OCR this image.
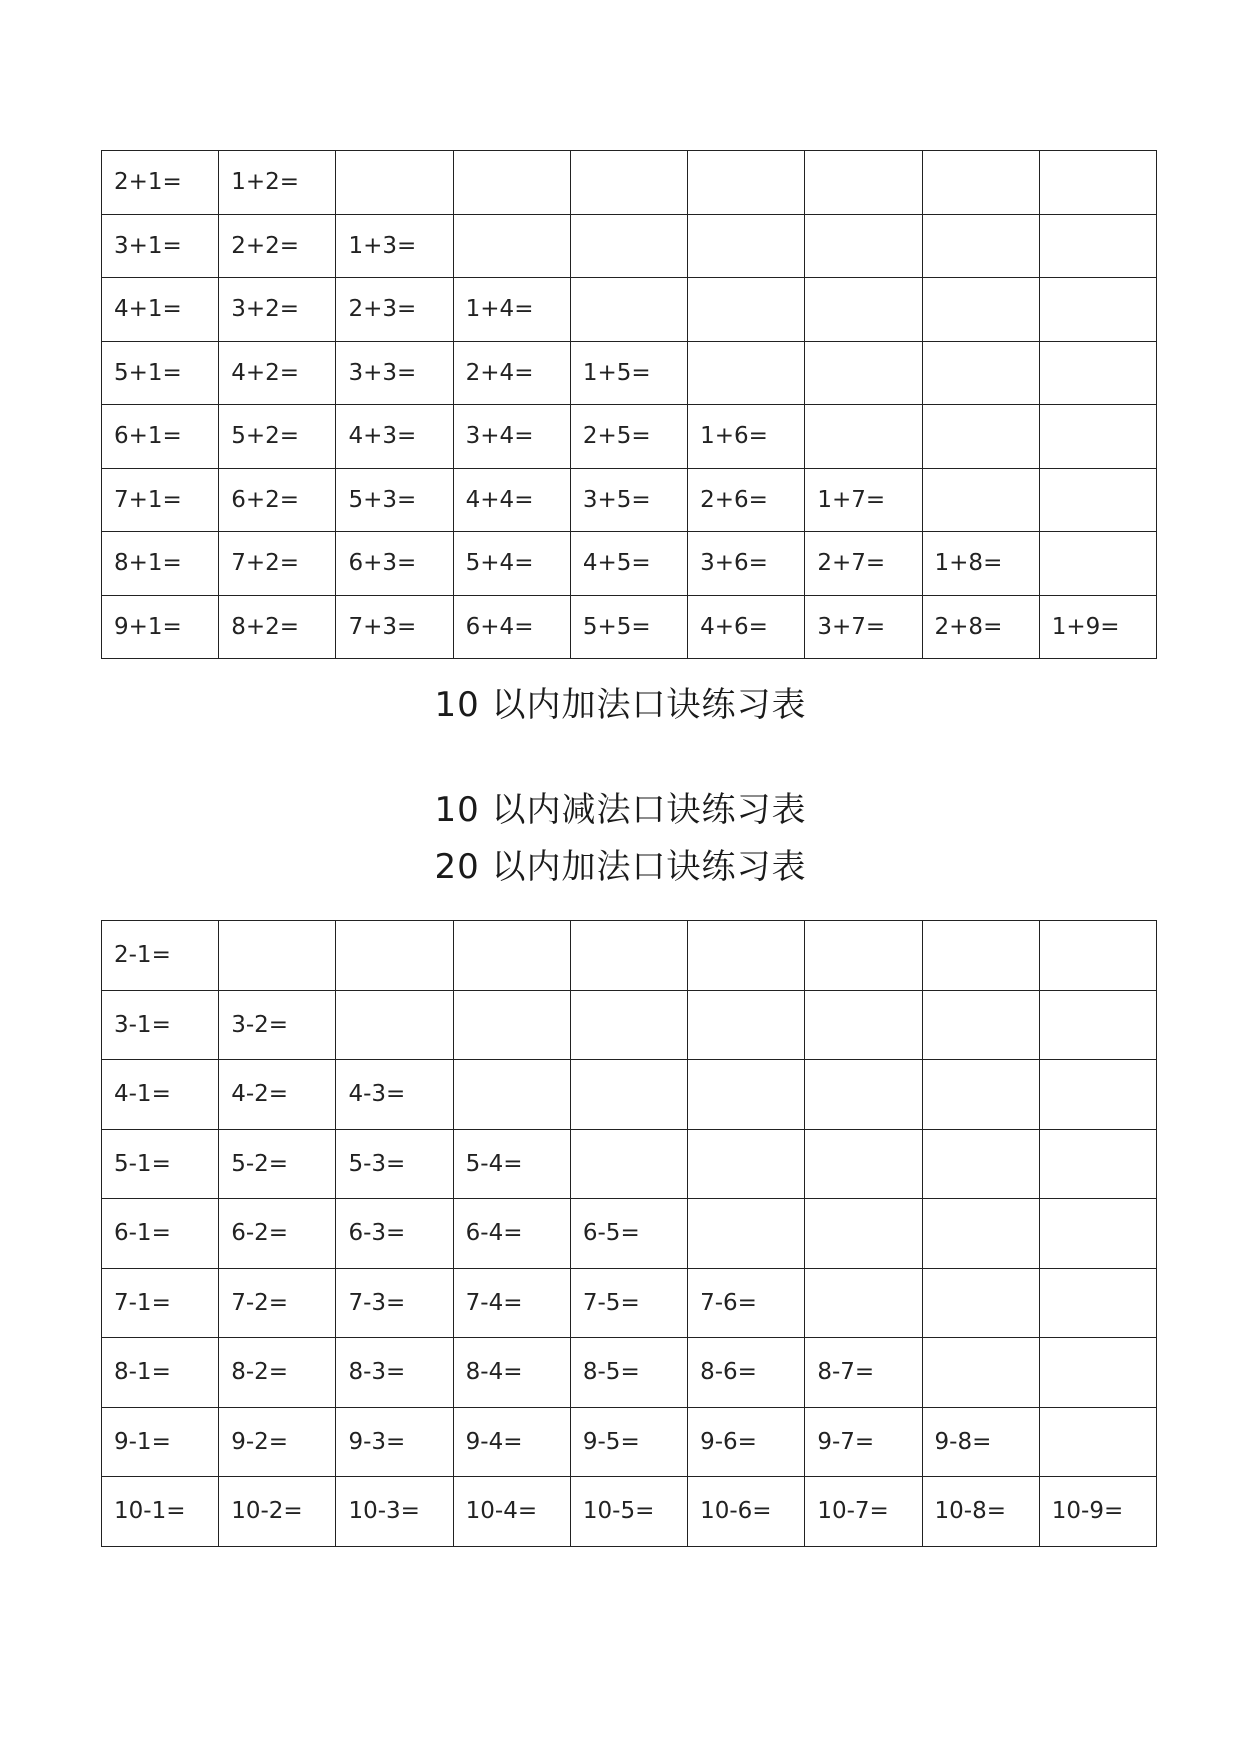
2+1=	1+2=							
3+1=	2+2=	1+3=						
4+1=	3+2=	2+3=	1+4=					
5+1=	4+2=	3+3=	2+4=	1+5=				
6+1=	5+2=	4+3=	3+4=	2+5=	1+6=			
7+1=	6+2=	5+3=	4+4=	3+5=	2+6=	1+7=		
8+1=	7+2=	6+3=	5+4=	4+5=	3+6=	2+7=	1+8=	
9+1=	8+2=	7+3=	6+4=	5+5=	4+6=	3+7=	2+8=	1+9=
10 以内加法口诀练习表
10 以内减法口诀练习表
20 以内加法口诀练习表
2-1=								
3-1=	3-2=							
4-1=	4-2=	4-3=						
5-1=	5-2=	5-3=	5-4=					
6-1=	6-2=	6-3=	6-4=	6-5=				
7-1=	7-2=	7-3=	7-4=	7-5=	7-6=			
8-1=	8-2=	8-3=	8-4=	8-5=	8-6=	8-7=		
9-1=	9-2=	9-3=	9-4=	9-5=	9-6=	9-7=	9-8=	
10-1=	10-2=	10-3=	10-4=	10-5=	10-6=	10-7=	10-8=	10-9=
